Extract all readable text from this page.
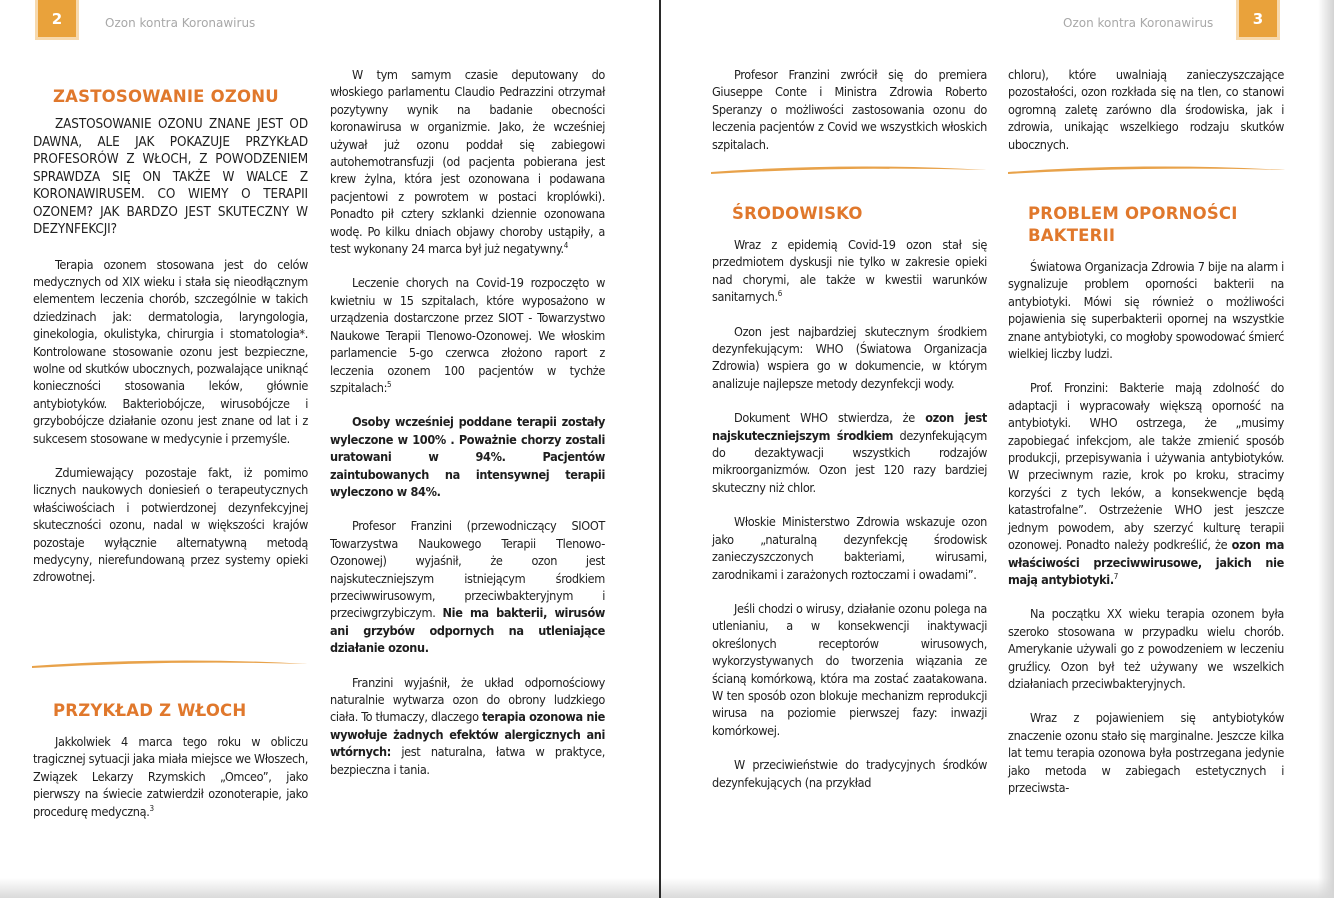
2	Ozon kontra Koronawirus
ZASTOSOWANIE OZONU

ZASTOSOWANIE OZONU ZNANE JEST OD DAWNA, ALE JAK POKAZUJE PRZYKŁAD PROFESORÓW Z WŁOCH, Z POWODZENIEM SPRAWDZA SIĘ ON TAKŻE W WALCE Z KORONAWIRUSEM. CO WIEMY O TERAPII OZONEM? JAK BARDZO JEST SKUTECZNY W DEZYNFEKCJI?

Terapia ozonem stosowana jest do celów medycznych od XIX wieku i stała się nieodłącznym elementem leczenia chorób, szczególnie w takich dziedzinach jak: dermatologia, laryngologia, ginekologia, okulistyka, chirurgia i stomatologia*. Kontrolowane stosowanie ozonu jest bezpieczne, wolne od skutków ubocznych, pozwalające uniknąć konieczności stosowania leków, głównie antybiotyków. Bakteriobójcze, wirusobójcze i grzybobójcze działanie ozonu jest znane od lat i z sukcesem stosowane w medycynie i przemyśle.

Zdumiewający pozostaje fakt, iż pomimo licznych naukowych doniesień o terapeutycznych właściwościach i potwierdzonej dezynfekcyjnej skuteczności ozonu, nadal w większości krajów pozostaje wyłącznie alternatywną metodą medycyny, nierefundowaną przez systemy opieki zdrowotnej.

PRZYKŁAD Z WŁOCH

Jakkolwiek 4 marca tego roku w obliczu tragicznej sytuacji jaka miała miejsce we Włoszech, Związek Lekarzy Rzymskich „Omceo”, jako pierwszy na świecie zatwierdził ozonoterapie, jako procedurę medyczną.$^3$

W tym samym czasie deputowany do włoskiego parlamentu Claudio Pedrazzini otrzymał pozytywny wynik na badanie obecności koronawirusa w organizmie. Jako, że wcześniej używał już ozonu poddał się zabiegowi autohemotransfuzji (od pacjenta pobierana jest krew żylna, która jest ozonowana i podawana pacjentowi z powrotem w postaci kroplówki). Ponadto pił cztery szklanki dziennie ozonowana wodę. Po kilku dniach objawy choroby ustąpiły, a test wykonany 24 marca był już negatywny.$^4$

Leczenie chorych na Covid-19 rozpoczęto w kwietniu w 15 szpitalach, które wyposażono w urządzenia dostarczone przez SIOT - Towarzystwo Naukowe Terapii Tlenowo-Ozonowej. We włoskim parlamencie 5-go czerwca złożono raport z leczenia ozonem 100 pacjentów w tychże szpitalach:$^5$

Osoby wcześniej poddane terapii zostały wyleczone w 100% . Poważnie chorzy zostali uratowani w 94%. Pacjentów zaintubowanych na intensywnej terapii wyleczono w 84%.

Profesor Franzini (przewodniczący SIOOT Towarzystwa Naukowego Terapii Tlenowo-Ozonowej) wyjaśnił, że ozon jest najskuteczniejszym istniejącym środkiem przeciwwirusowym, przeciwbakteryjnym i przeciwgrzybiczym. Nie ma bakterii, wirusów ani grzybów odpornych na utleniające działanie ozonu.

Franzini wyjaśnił, że układ odpornościowy naturalnie wytwarza ozon do obrony ludzkiego ciała. To tłumaczy, dlaczego terapia ozonowa nie wywołuje żadnych efektów alergicznych ani wtórnych: jest naturalna, łatwa w praktyce, bezpieczna i tania.

Ozon kontra Koronawirus	3

Profesor Franzini zwrócił się do premiera Giuseppe Conte i Ministra Zdrowia Roberto Speranzy o możliwości zastosowania ozonu do leczenia pacjentów z Covid we wszystkich włoskich szpitalach.

ŚRODOWISKO

Wraz z epidemią Covid-19 ozon stał się przedmiotem dyskusji nie tylko w zakresie opieki nad chorymi, ale także w kwestii warunków sanitarnych.$^6$

Ozon jest najbardziej skutecznym środkiem dezynfekującym: WHO (Światowa Organizacja Zdrowia) wspiera go w dokumencie, w którym analizuje najlepsze metody dezynfekcji wody.

Dokument WHO stwierdza, że ozon jest najskuteczniejszym środkiem dezynfekującym do dezaktywacji wszystkich rodzajów mikroorganizmów. Ozon jest 120 razy bardziej skuteczny niż chlor.

Włoskie Ministerstwo Zdrowia wskazuje ozon jako „naturalną dezynfekcję środowisk zanieczyszczonych bakteriami, wirusami, zarodnikami i zarażonych roztoczami i owadami”.

Jeśli chodzi o wirusy, działanie ozonu polega na utlenianiu, a w konsekwencji inaktywacji określonych receptorów wirusowych, wykorzystywanych do tworzenia wiązania ze ścianą komórkową, która ma zostać zaatakowana. W ten sposób ozon blokuje mechanizm reprodukcji wirusa na poziomie pierwszej fazy: inwazji komórkowej.

W przeciwieństwie do tradycyjnych środków dezynfekujących (na przykład

chloru), które uwalniają zanieczyszczające pozostałości, ozon rozkłada się na tlen, co stanowi ogromną zaletę zarówno dla środowiska, jak i zdrowia, unikając wszelkiego rodzaju skutków ubocznych.

PROBLEM OPORNOŚCI
BAKTERII

Światowa Organizacja Zdrowia 7 bije na alarm i sygnalizuje problem oporności bakterii na antybiotyki. Mówi się również o możliwości pojawienia się superbakterii opornej na wszystkie znane antybiotyki, co mogłoby spowodować śmierć wielkiej liczby ludzi.

Prof. Fronzini: Bakterie mają zdolność do adaptacji i wypracowały większą oporność na antybiotyki. WHO ostrzega, że „musimy zapobiegać infekcjom, ale także zmienić sposób produkcji, przepisywania i używania antybiotyków. W przeciwnym razie, krok po kroku, stracimy korzyści z tych leków, a konsekwencje będą katastrofalne”. Ostrzeżenie WHO jest jeszcze jednym powodem, aby szerzyć kulturę terapii ozonowej. Ponadto należy podkreślić, że ozon ma właściwości przeciwwirusowe, jakich nie mają antybiotyki.$^7$

Na początku XX wieku terapia ozonem była szeroko stosowana w przypadku wielu chorób. Amerykanie używali go z powodzeniem w leczeniu gruźlicy. Ozon był też używany we wszelkich działaniach przeciwbakteryjnych.

Wraz z pojawieniem się antybiotyków znaczenie ozonu stało się marginalne. Jeszcze kilka lat temu terapia ozonowa była postrzegana jedynie jako metoda w zabiegach estetycznych i przeciwsta-
